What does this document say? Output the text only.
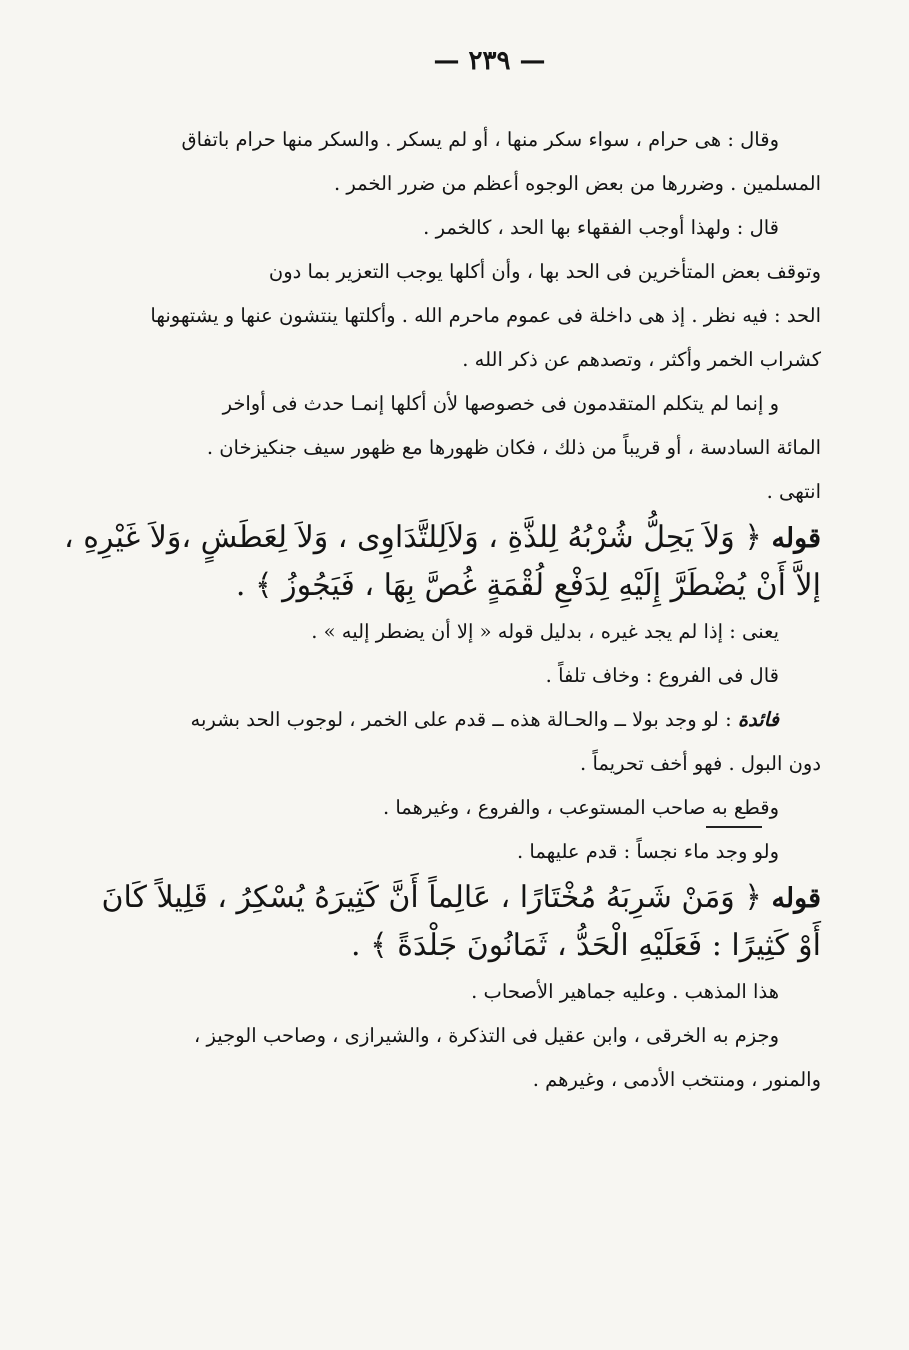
— ٢٣٩ —
وقال : هى حرام ، سواء سكر منها ، أو لم يسكر . والسكر منها حرام باتفاق
المسلمين . وضررها من بعض الوجوه أعظم من ضرر الخمر .
قال : ولهذا أوجب الفقهاء بها الحد ، كالخمر .
وتوقف بعض المتأخرين فى الحد بها ، وأن أكلها يوجب التعزير بما دون
الحد : فيه نظر . إذ هى داخلة فى عموم ماحرم الله . وأكلتها ينتشون عنها و يشتهونها
كشراب الخمر وأكثر ، وتصدهم عن ذكر الله .
و إنما لم يتكلم المتقدمون فى خصوصها لأن أكلها إنمـا حدث فى أواخر
المائة السادسة ، أو قريباً من ذلك ، فكان ظهورها مع ظهور سيف جنكيزخان .
انتهى .
قوله ﴿ وَلاَ يَحِلُّ شُرْبُهُ لِلذَّةِ ، وَلاَلِلتَّدَاوِى ، وَلاَ لِعَطَشٍ ،وَلاَ غَيْرِهِ ،
إلاَّ أَنْ يُضْطَرَّ إِلَيْهِ لِدَفْعِ لُقْمَةٍ غُصَّ بِهَا ، فَيَجُوزُ ﴾ .
يعنى : إذا لم يجد غيره ، بدليل قوله « إلا أن يضطر إليه » .
قال فى الفروع : وخاف تلفاً .
فائدة : لو وجد بولا ــ والحـالة هذه ــ قدم على الخمر ، لوجوب الحد بشربه
دون البول . فهو أخف تحريماً .
وقطع به صاحب المستوعب ، والفروع ، وغيرهما .
ولو وجد ماء نجساً : قدم عليهما .
قوله ﴿ وَمَنْ شَرِبَهُ مُخْتَارًا ، عَالِماً أَنَّ كَثِيرَهُ يُسْكِرُ ، قَلِيلاً كَانَ
أَوْ كَثِيرًا : فَعَلَيْهِ الْحَدُّ ، ثَمَانُونَ جَلْدَةً ﴾ .
هذا المذهب . وعليه جماهير الأصحاب .
وجزم به الخرقى ، وابن عقيل فى التذكرة ، والشيرازى ، وصاحب الوجيز ،
والمنور ، ومنتخب الأدمى ، وغيرهم .
